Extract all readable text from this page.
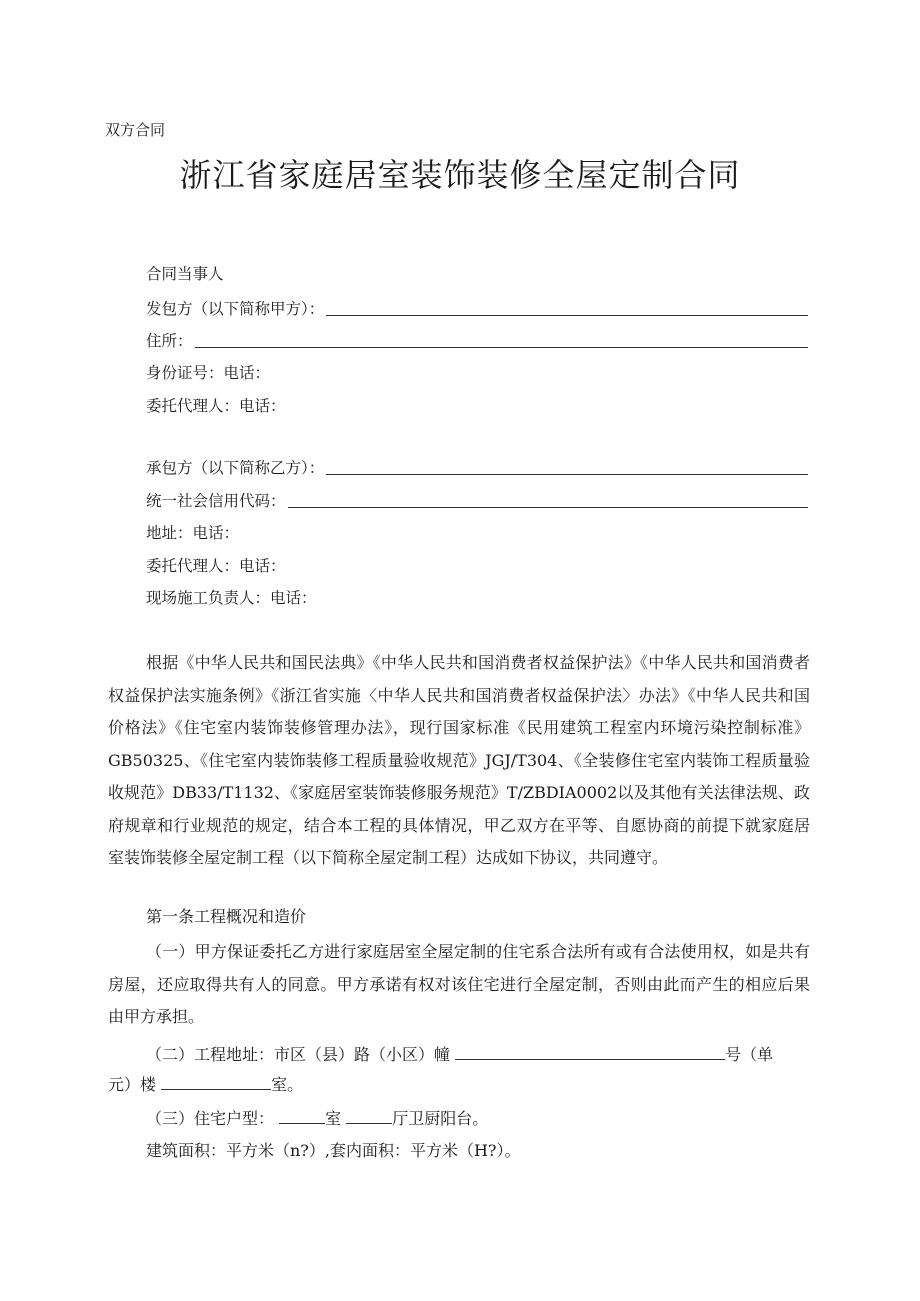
双方合同
浙江省家庭居室装饰装修全屋定制合同
合同当事人
发包方（以下简称甲方）：
住所：
身份证号：电话：
委托代理人：电话：
承包方（以下简称乙方）：
统一社会信用代码：
地址：电话：
委托代理人：电话：
现场施工负责人：电话：

根据《中华人民共和国民法典》《中华人民共和国消费者权益保护法》《中华人民共和国消费者权益保护法实施条例》《浙江省实施〈中华人民共和国消费者权益保护法〉办法》《中华人民共和国价格法》《住宅室内装饰装修管理办法》，现行国家标准《民用建筑工程室内环境污染控制标准》GB50325、《住宅室内装饰装修工程质量验收规范》JGJ/T304、《全装修住宅室内装饰工程质量验收规范》DB33/T1132、《家庭居室装饰装修服务规范》T/ZBDIA0002以及其他有关法律法规、政府规章和行业规范的规定，结合本工程的具体情况，甲乙双方在平等、自愿协商的前提下就家庭居室装饰装修全屋定制工程（以下简称全屋定制工程）达成如下协议，共同遵守。

第一条工程概况和造价

（一）甲方保证委托乙方进行家庭居室全屋定制的住宅系合法所有或有合法使用权，如是共有房屋，还应取得共有人的同意。甲方承诺有权对该住宅进行全屋定制，否则由此而产生的相应后果由甲方承担。

（二）工程地址：市区（县）路（小区）幢	号（单
元）楼	室。
（三）住宅户型：	室	厅卫厨阳台。
建筑面积：平方米（n?）,套内面积：平方米（H?）。
